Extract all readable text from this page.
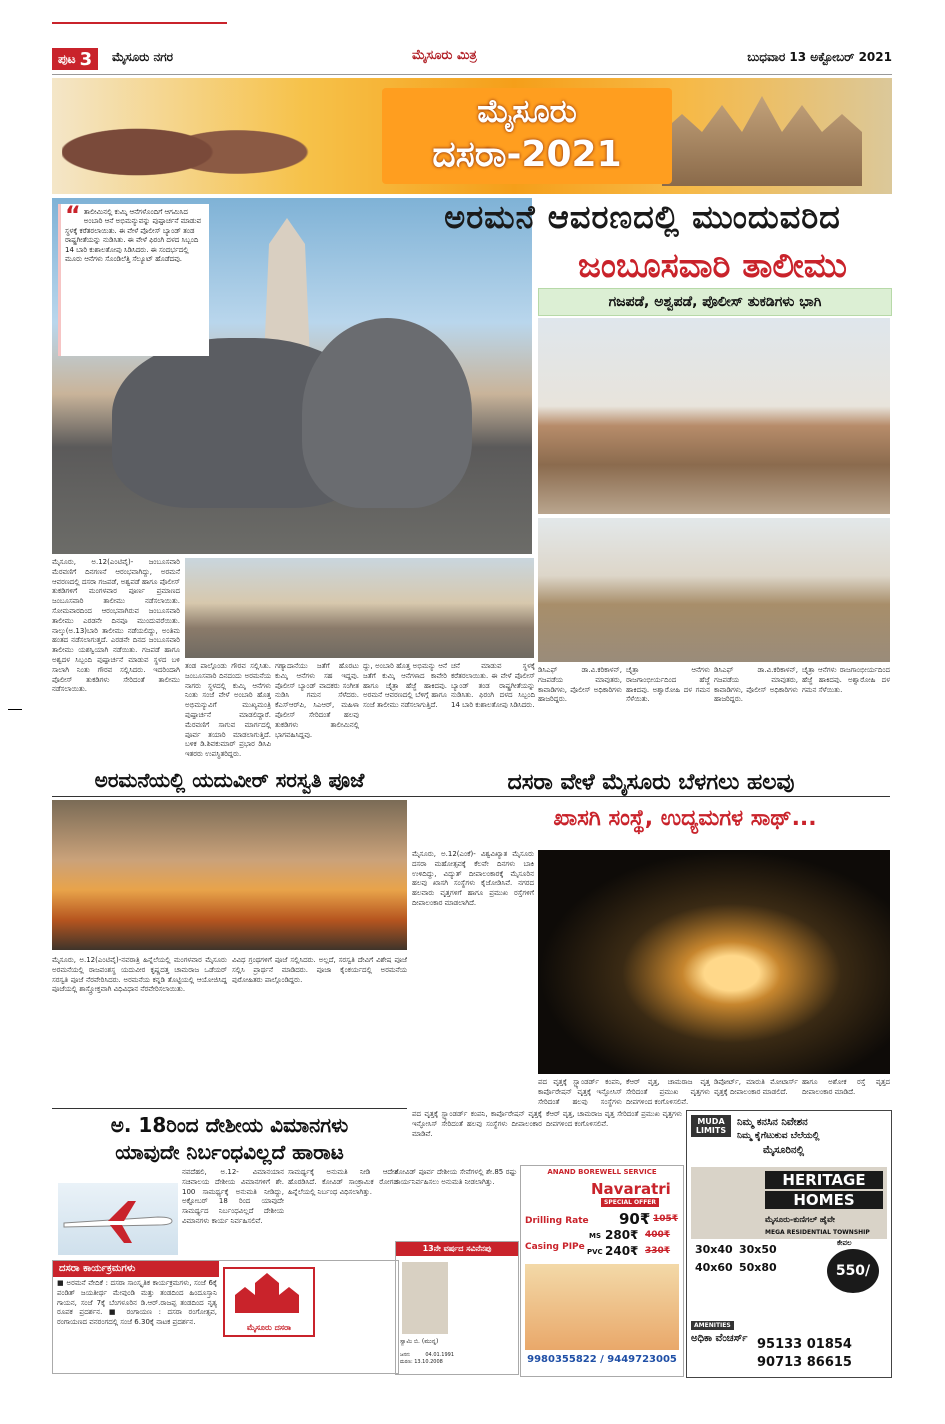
ಪುಟ 3 ಮೈಸೂರು ನಗರ	ಮೈಸೂರು ಮಿತ್ರ	ಬುಧವಾರ 13 ಅಕ್ಟೋಬರ್ 2021
ಮೈಸೂರು
ದಸರಾ-2021
“ ತಾಲೀಮಿನಲ್ಲಿ ಕುಮ್ಕಿ ಆನೆಗಳೊಂದಿಗೆ ಆಗಮಿಸಿದ ಅಂಬಾರಿ ಆನೆ ಅಭಿಮನ್ಯುವನ್ನು ಪುಷ್ಪಾರ್ಚನೆ ಮಾಡುವ ಸ್ಥಳಕ್ಕೆ ಕರೆತರಲಾಯಿತು. ಈ ವೇಳೆ ಪೊಲೀಸ್ ಬ್ಯಾಂಡ್ ತಂಡ ರಾಷ್ಟ್ರಗೀತೆಯನ್ನು ನುಡಿಸಿತು. ಈ ವೇಳೆ ಫಿರಂಗಿ ದಳದ ಸಿಬ್ಬಂದಿ 14 ಬಾರಿ ಕುಶಾಲತೋಪು ಸಿಡಿಸಿದರು. ಈ ಸಂದರ್ಭದಲ್ಲಿ ಮೂರು ಆನೆಗಳು ಸೊಂಡಿಲೆತ್ತಿ ಸೆಲ್ಯೂಟ್ ಹೊಡೆದವು.
ಅರಮನೆ ಆವರಣದಲ್ಲಿ ಮುಂದುವರಿದ
ಜಂಬೂಸವಾರಿ ತಾಲೀಮು
ಗಜಪಡೆ, ಅಶ್ವಪಡೆ, ಪೊಲೀಸ್ ತುಕಡಿಗಳು ಭಾಗಿ
ಮೈಸೂರು, ಅ.12(ಎಂಟಿವೈ)- ಜಂಬೂಸವಾರಿ ಮೆರವಣಿಗೆ ದಿನಗಣನೆ ಆರಂಭವಾಗಿದ್ದು, ಅರಮನೆ ಆವರಣದಲ್ಲಿ ದಸರಾ ಗಜಪಡೆ, ಅಶ್ವಪಡೆ ಹಾಗೂ ಪೊಲೀಸ್ ತುಕಡಿಗಳಿಗೆ ಮಂಗಳವಾರ ಪೂರ್ಣ ಪ್ರಮಾಣದ ಜಂಬೂಸವಾರಿ ತಾಲೀಮು ನಡೆಸಲಾಯಿತು. ಸೋಮವಾರದಿಂದ ಆರಂಭವಾಗಿರುವ ಜಂಬೂಸವಾರಿ ತಾಲೀಮು ಎರಡನೇ ದಿನವೂ ಮುಂದುವರೆಯಿತು. ನಾಲ್ಕು(ಅ.13)ಬಾರಿ ತಾಲೀಮು ನಡೆಯಲಿದ್ದು, ಅಂತಿಮ ಹಂತದ ನಡೆಸಲಾಗುತ್ತದೆ. ಎರಡನೇ ದಿನದ ಜಂಬೂಸವಾರಿ ತಾಲೀಮು ಯಶಸ್ವಿಯಾಗಿ ನಡೆಯಿತು. ಗಜಪಡೆ ಹಾಗೂ ಅಶ್ವದಳ ಸಿಬ್ಬಂದಿ ಪುಷ್ಪಾರ್ಚನೆ ಮಾಡುವ ಸ್ಥಳದ ಬಳಿ ಸಾಲಾಗಿ ನಿಂತು ಗೌರವ ಸಲ್ಲಿಸಿದರು. ಇದರಿಂದಾಗಿ ಪೊಲೀಸ್ ತುಕಡಿಗಳು ಸೇರಿದಂತೆ ತಾಲೀಮು ನಡೆಸಲಾಯಿತು.
ತಂಡ ಪಾಲ್ಗೊಂಡು ಗೌರವ ಸಲ್ಲಿಸಿತು. ಜಂಬೂಸವಾರಿ ದಿನದಂದು ಅರಮನೆಯ ನಾಗರು ಸ್ಥಳದಲ್ಲಿ ಕುಮ್ಕಿ ಆನೆಗಳು ನಿಂತು ಸಂಜೆ ವೇಳೆ ಅಂಬಾರಿ ಹೊತ್ತ ಅಭಿಮನ್ಯುವಿಗೆ ಮುಖ್ಯಮಂತ್ರಿ ಪುಷ್ಪಾರ್ಚನೆ ಮಾಡಲಿದ್ದಾರೆ. ಮೆರವಣಿಗೆ ಸಾಗುವ ಮಾರ್ಗದಲ್ಲಿ ಪೂರ್ವ ತಯಾರಿ ಮಾಡಲಾಗುತ್ತಿದೆ. ಬಳಿಕ ಡಿ.ಶಿವಕುಮಾರ್ ಪ್ರಭಾರ ಡಿಸಿಪಿ ಇತರರು ಉಪಸ್ಥಿತರಿದ್ದರು.
ಗಣ್ಯಾದಾನೆಯು ಜತೆಗೆ ಹೊರಟು ಕುಮ್ಕಿ ಆನೆಗಳು ಸಹ ಇದ್ದವು. ಪೊಲೀಸ್ ಬ್ಯಾಂಡ್ ವಾದಕರು ಸಂಗೀತ ನುಡಿಸಿ ಗಮನ ಸೆಳೆದರು. ಕೆಎಸ್‌ಆರ್‌ಪಿ, ಸಿಎಆರ್, ಮಹಿಳಾ ಪೊಲೀಸ್ ಸೇರಿದಂತೆ ಹಲವು ತುಕಡಿಗಳು ತಾಲೀಮಿನಲ್ಲಿ ಭಾಗವಹಿಸಿದ್ದವು.
ದ್ದು, ಅಂಬಾರಿ ಹೊತ್ತ ಅಭಿಮನ್ಯು ಆನೆ ಜತೆಗೆ ಕುಮ್ಕಿ ಆನೆಗಳಾದ ಕಾವೇರಿ ಹಾಗೂ ಚೈತ್ರಾ ಹೆಜ್ಜೆ ಹಾಕಿದವು. ಅರಮನೆ ಆವರಣದಲ್ಲಿ ಬೆಳಿಗ್ಗೆ ಹಾಗೂ ಸಂಜೆ ತಾಲೀಮು ನಡೆಸಲಾಗುತ್ತಿದೆ.
ಚನೆ ಮಾಡುವ ಸ್ಥಳಕ್ಕೆ ಕರೆತರಲಾಯಿತು. ಈ ವೇಳೆ ಪೊಲೀಸ್ ಬ್ಯಾಂಡ್ ತಂಡ ರಾಷ್ಟ್ರಗೀತೆಯನ್ನು ನುಡಿಸಿತು. ಫಿರಂಗಿ ದಳದ ಸಿಬ್ಬಂದಿ 14 ಬಾರಿ ಕುಶಾಲತೋಪು ಸಿಡಿಸಿದರು.
ಡಿಸಿಎಫ್ ಡಾ.ವಿ.ಕರಿಕಾಳನ್, ಗಜಪಡೆಯ ಮಾವುತರು, ಕಾವಾಡಿಗಳು, ಪೊಲೀಸ್ ಅಧಿಕಾರಿಗಳು ಹಾಜರಿದ್ದರು.
ಚೈತ್ರಾ ಆನೆಗಳು ರಾಜಗಾಂಭೀರ್ಯದಿಂದ ಹೆಜ್ಜೆ ಹಾಕಿದವು. ಅಶ್ವಾರೋಹಿ ದಳ ಗಮನ ಸೆಳೆಯಿತು.
ಡಿಸಿಎಫ್ ಡಾ.ವಿ.ಕರಿಕಾಳನ್, ಗಜಪಡೆಯ ಮಾವುತರು, ಕಾವಾಡಿಗಳು, ಪೊಲೀಸ್ ಅಧಿಕಾರಿಗಳು ಹಾಜರಿದ್ದರು.
ಚೈತ್ರಾ ಆನೆಗಳು ರಾಜಗಾಂಭೀರ್ಯದಿಂದ ಹೆಜ್ಜೆ ಹಾಕಿದವು. ಅಶ್ವಾರೋಹಿ ದಳ ಗಮನ ಸೆಳೆಯಿತು.
ಅರಮನೆಯಲ್ಲಿ ಯದುವೀರ್ ಸರಸ್ವತಿ ಪೂಜೆ
ಮೈಸೂರು, ಅ.12(ಎಂಟಿವೈ)-ನವರಾತ್ರಿ ಹಿನ್ನೆಲೆಯಲ್ಲಿ ಮಂಗಳವಾರ ಮೈಸೂರು ಅರಮನೆಯಲ್ಲಿ ರಾಜವಂಶಸ್ಥ ಯದುವೀರ ಕೃಷ್ಣದತ್ತ ಚಾಮರಾಜ ಒಡೆಯರ್ ಸರಸ್ವತಿ ಪೂಜೆ ನೆರವೇರಿಸಿದರು. ಅರಮನೆಯ ಕನ್ನಡಿ ತೊಟ್ಟಿಯಲ್ಲಿ ಆಯೋಜಿಸಿದ್ದ ಪೂಜೆಯಲ್ಲಿ ಶಾಸ್ತ್ರೋಕ್ತವಾಗಿ ವಿಧಿವಿಧಾನ ನೆರವೇರಿಸಲಾಯಿತು.
ವಿವಿಧ ಗ್ರಂಥಗಳಿಗೆ ಪೂಜೆ ಸಲ್ಲಿಸಿದರು. ಅಲ್ಲದೆ, ಸರಸ್ವತಿ ದೇವಿಗೆ ವಿಶೇಷ ಪೂಜೆ ಸಲ್ಲಿಸಿ ಪ್ರಾರ್ಥನೆ ಮಾಡಿದರು. ಪೂಜಾ ಕೈಂಕರ್ಯದಲ್ಲಿ ಅರಮನೆಯ ಪುರೋಹಿತರು ಪಾಲ್ಗೊಂಡಿದ್ದರು.
ದಸರಾ ವೇಳೆ ಮೈಸೂರು ಬೆಳಗಲು ಹಲವು
ಖಾಸಗಿ ಸಂಸ್ಥೆ, ಉದ್ಯಮಗಳ ಸಾಥ್...
ಮೈಸೂರು, ಅ.12(ಎಂಕೆ)- ವಿಶ್ವವಿಖ್ಯಾತ ಮೈಸೂರು ದಸರಾ ಮಹೋತ್ಸವಕ್ಕೆ ಕೆಲವೇ ದಿನಗಳು ಬಾಕಿ ಉಳಿದಿದ್ದು, ವಿದ್ಯುತ್ ದೀಪಾಲಂಕಾರಕ್ಕೆ ಮೈಸೂರಿನ ಹಲವು ಖಾಸಗಿ ಸಂಸ್ಥೆಗಳು ಕೈಜೋಡಿಸಿವೆ. ನಗರದ ಹಲವಾರು ವೃತ್ತಗಳಿಗೆ ಹಾಗೂ ಪ್ರಮುಖ ರಸ್ತೆಗಳಿಗೆ ದೀಪಾಲಂಕಾರ ಮಾಡಲಾಗಿದೆ.
ಪದ ವೃತ್ತಕ್ಕೆ ಸ್ಟ್ಯಾಂಡರ್ಡ್ ಕಂಪನಿ, ಕಾರ್ಪೊರೇಷನ್ ವೃತ್ತಕ್ಕೆ ಇನ್ಫೋಸಿಸ್ ಸೇರಿದಂತೆ ಹಲವು ಸಂಸ್ಥೆಗಳು
ಕೆಆರ್ ವೃತ್ತ, ಚಾಮರಾಜ ವೃತ್ತ ಸೇರಿದಂತೆ ಪ್ರಮುಖ ವೃತ್ತಗಳು ದೀಪಗಳಿಂದ ಕಂಗೊಳಿಸಲಿವೆ.
ಡಿಪೋರ್ಟ್, ಮಾರುತಿ ಮೋಟಾರ್ಸ್ ವೃತ್ತಕ್ಕೆ ದೀಪಾಲಂಕಾರ ಮಾಡಲಿದೆ.
ಹಾಗೂ ಅಶೋಕ ರಸ್ತೆ ವೃತ್ತದ ದೀಪಾಲಂಕಾರ ಮಾಡಿದೆ.
ಪದ ವೃತ್ತಕ್ಕೆ ಸ್ಟ್ಯಾಂಡರ್ಡ್ ಕಂಪನಿ, ಕಾರ್ಪೊರೇಷನ್ ವೃತ್ತಕ್ಕೆ ಇನ್ಫೋಸಿಸ್ ಸೇರಿದಂತೆ ಹಲವು ಸಂಸ್ಥೆಗಳು ದೀಪಾಲಂಕಾರ ಮಾಡಿವೆ.
ಕೆಆರ್ ವೃತ್ತ, ಚಾಮರಾಜ ವೃತ್ತ ಸೇರಿದಂತೆ ಪ್ರಮುಖ ವೃತ್ತಗಳು ದೀಪಗಳಿಂದ ಕಂಗೊಳಿಸಲಿವೆ.
ಅ. 18ರಿಂದ ದೇಶೀಯ ವಿಮಾನಗಳು
ಯಾವುದೇ ನಿರ್ಬಂಧವಿಲ್ಲದೆ ಹಾರಾಟ
ನವದೆಹಲಿ, ಅ.12- ವಿಮಾನಯಾನ ಸಚಿವಾಲಯ ದೇಶೀಯ ವಿಮಾನಗಳಿಗೆ ಶೇ. 100 ಸಾಮರ್ಥ್ಯಕ್ಕೆ ಅನುಮತಿ ನೀಡಿದ್ದು, ಅಕ್ಟೋಬರ್ 18 ರಿಂದ ಯಾವುದೇ ಸಾಮರ್ಥ್ಯದ ನಿರ್ಬಂಧವಿಲ್ಲದೆ ದೇಶೀಯ ವಿಮಾನಗಳು ಕಾರ್ಯ ನಿರ್ವಹಿಸಲಿವೆ.
ಸಾಮರ್ಥ್ಯಕ್ಕೆ ಅನುಮತಿ ನೀಡಿ ಆದೇಶ ಹೊರಡಿಸಿದೆ. ಕೋವಿಡ್ ಸಾಂಕ್ರಾಮಿಕ ರೋಗದ ಹಿನ್ನೆಲೆಯಲ್ಲಿ ನಿರ್ಬಂಧ ವಿಧಿಸಲಾಗಿತ್ತು.
ಕೋವಿಡ್ ಪೂರ್ವ ದೇಶೀಯ ಸೇವೆಗಳಲ್ಲಿ ಶೇ.85 ರಷ್ಟು ಕಾರ್ಯನಿರ್ವಹಿಸಲು ಅನುಮತಿ ನೀಡಲಾಗಿತ್ತು.
ದಸರಾ ಕಾರ್ಯಕ್ರಮಗಳು
■ ಅರಮನೆ ವೇದಿಕೆ : ದಸರಾ ಸಾಂಸ್ಕೃತಿಕ ಕಾರ್ಯಕ್ರಮಗಳು, ಸಂಜೆ 6ಕ್ಕೆ ಪಂಡಿತ್ ಜಯತೀರ್ಥ ಮೇವುಂಡಿ ಮತ್ತು ತಂಡದಿಂದ ಹಿಂದೂಸ್ತಾನಿ ಗಾಯನ, ಸಂಜೆ 7ಕ್ಕೆ ಬೆಂಗಳೂರಿನ ಡಿ.ಆರ್.ರಾಜಪ್ಪ ತಂಡದಿಂದ ನೃತ್ಯ ರೂಪಕ ಪ್ರದರ್ಶನ. ■ ರಂಗಾಯಣ : ದಸರಾ ರಂಗೋತ್ಸವ, ರಂಗಾಯಣದ ವನರಂಗದಲ್ಲಿ ಸಂಜೆ 6.30ಕ್ಕೆ ನಾಟಕ ಪ್ರದರ್ಶನ.
ಮೈಸೂರು ದಸರಾ
13ನೇ ವರ್ಷದ ಸವಿನೆನಪು
ಸ್ವಾಮಿ ಬಿ. (ಮುನ್ನ)
ಜನನ: 04.01.1991 ಮರಣ: 13.10.2008
ANAND BOREWELL SERVICE
Navaratri
SPECIAL OFFER
Drilling Rate 90₹ 105₹
Casing PIPe
MS 280₹ 400₹
PVC 240₹ 330₹
9980355822 / 9449723005
MUDA LIMITS
ನಿಮ್ಮ ಕನಸಿನ ನಿವೇಶನ
ನಿಮ್ಮ ಕೈಗೆಟುಕುವ ಬೆಲೆಯಲ್ಲಿ
ಮೈಸೂರಿನಲ್ಲಿ
HERITAGE
HOMES
ಮೈಸೂರು-ಕುಣಿಗಲ್ ಹೈವೇ
MEGA RESIDENTIAL TOWNSHIP
30x40 30x50
40x60 50x80
ಕೇವಲ
550/
AMENITIES
ಅಧಿಕಾ ವೆಂಚರ್ಸ್ 95133 01854
90713 86615
